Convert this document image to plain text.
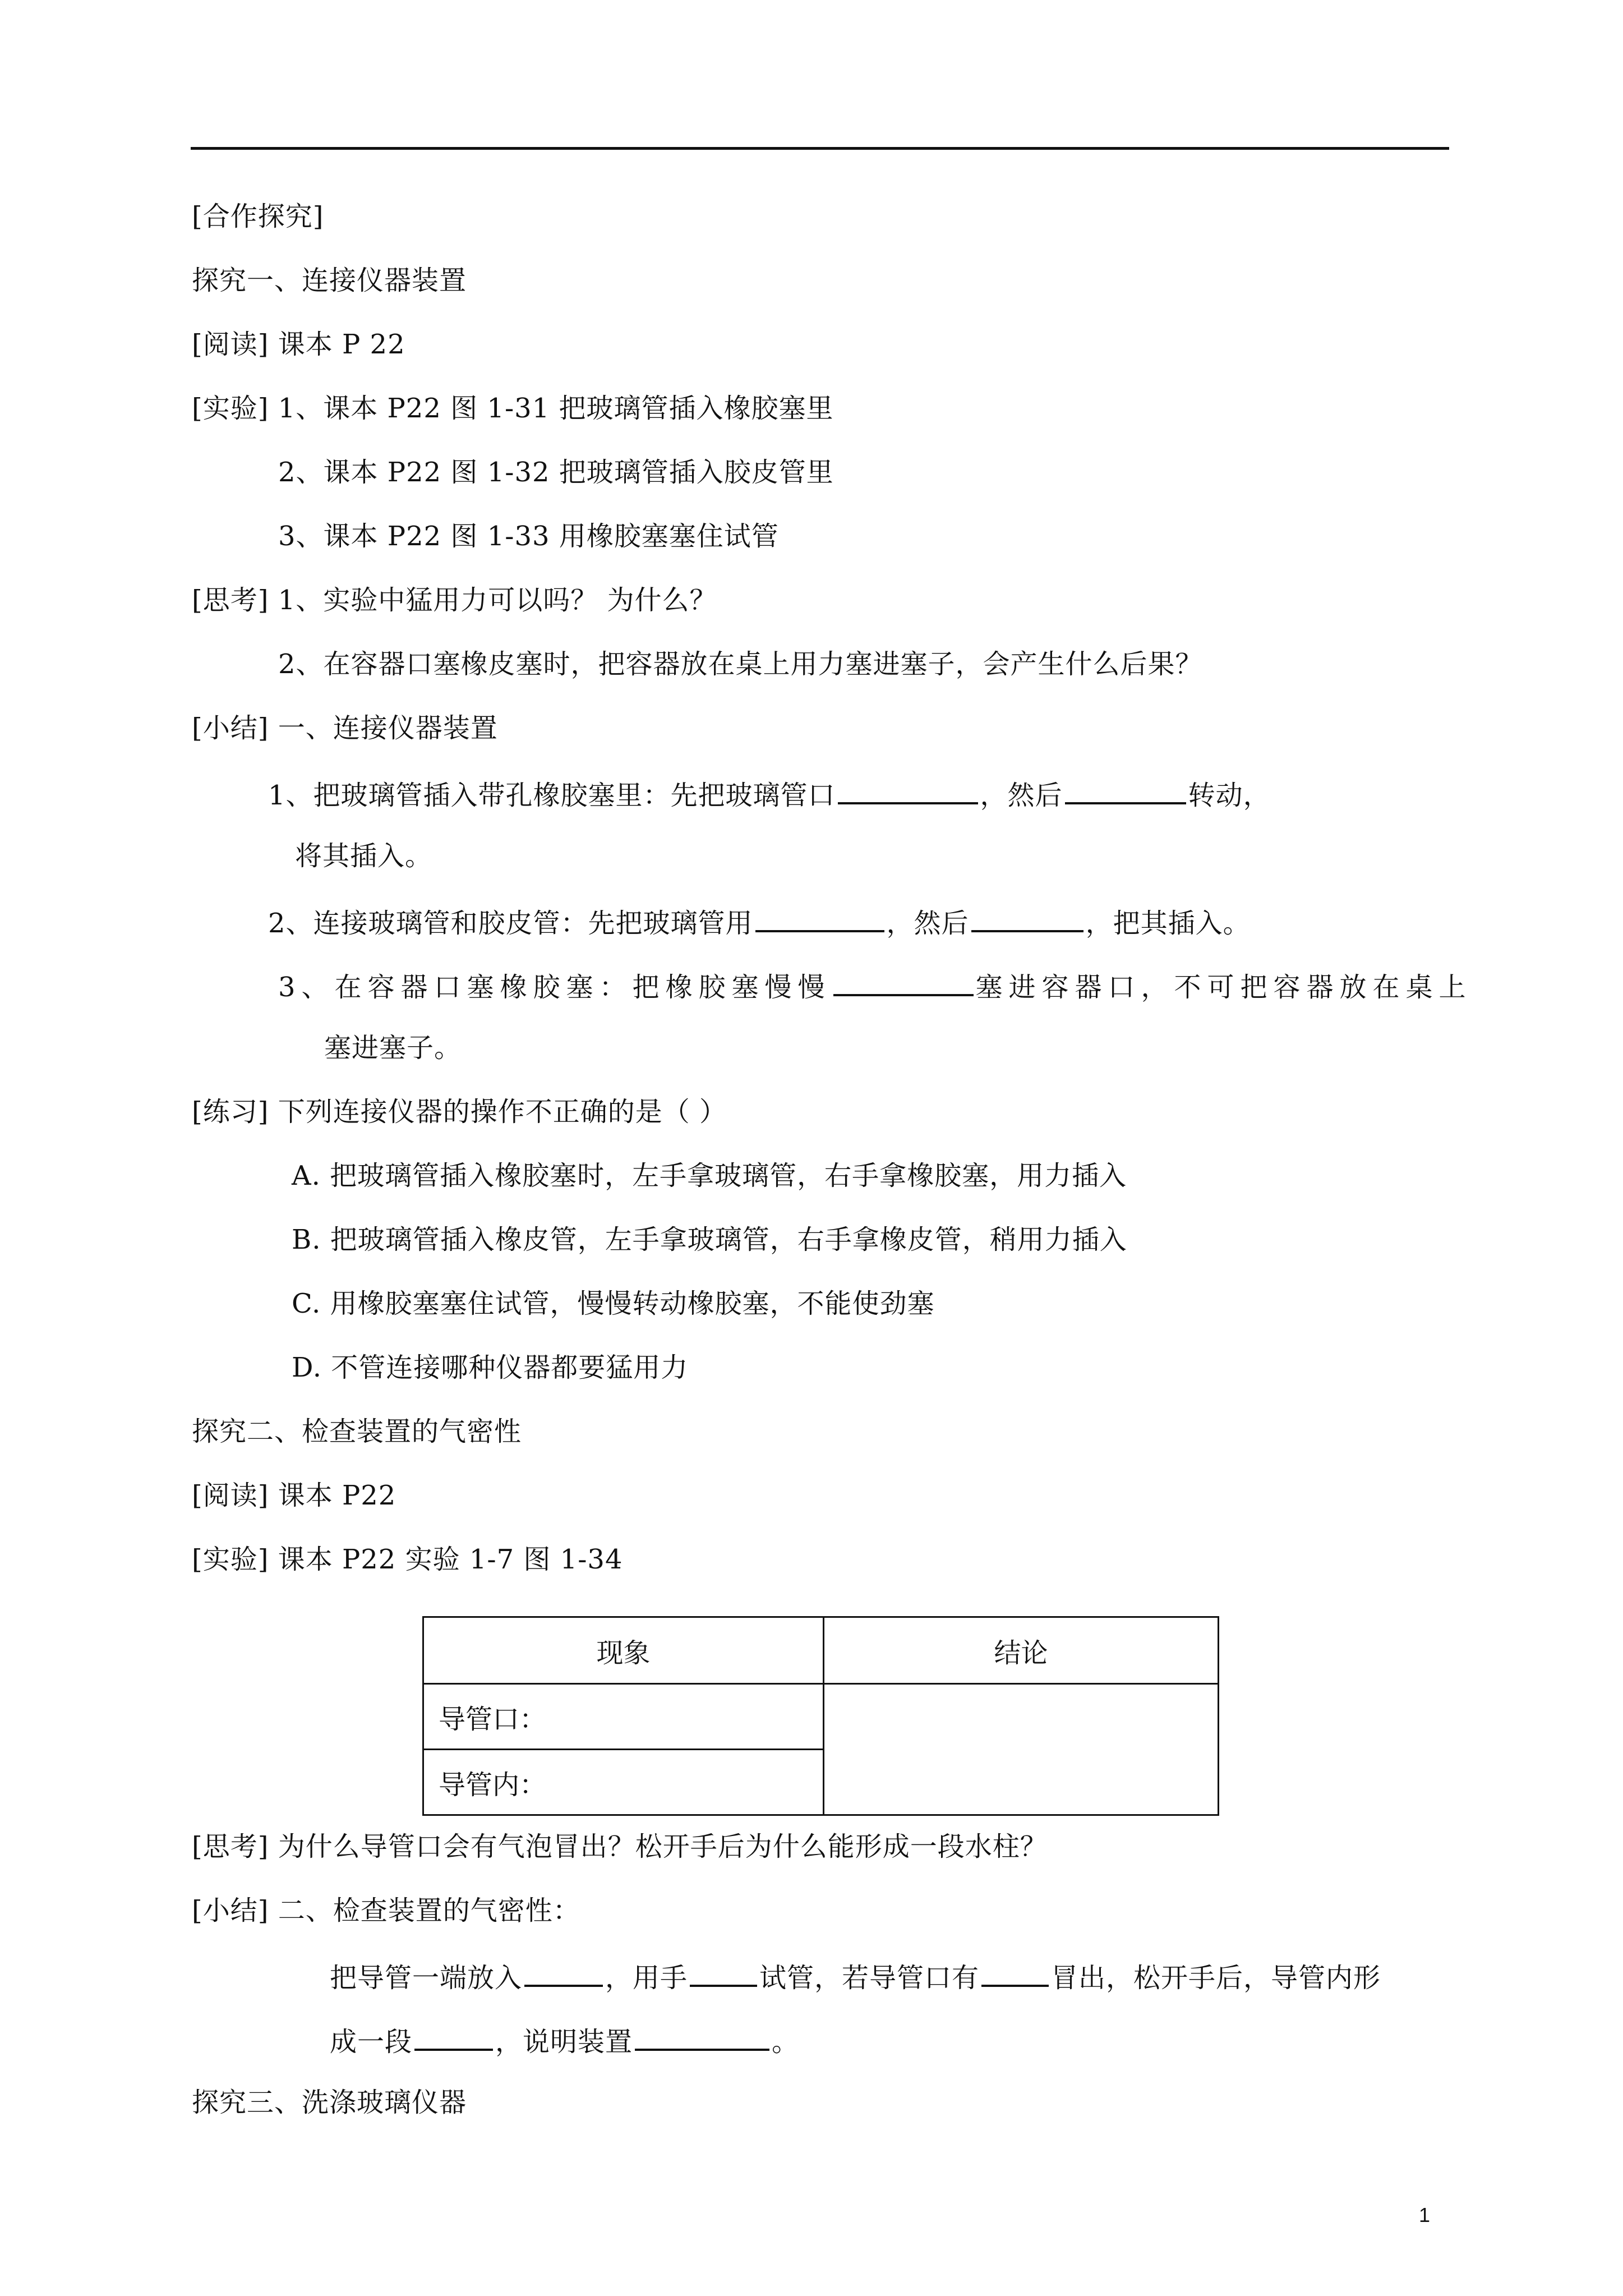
[合作探究]
探究一、连接仪器装置
[阅读] 课本 P 22
[实验] 1、课本 P22 图 1-31 把玻璃管插入橡胶塞里
2、课本 P22 图 1-32 把玻璃管插入胶皮管里
3、课本 P22 图 1-33 用橡胶塞塞住试管
[思考] 1、实验中猛用力可以吗？ 为什么？
2、在容器口塞橡皮塞时，把容器放在桌上用力塞进塞子，会产生什么后果？
[小结] 一、连接仪器装置
1、把玻璃管插入带孔橡胶塞里：先把玻璃管口	，然后	转动，
将其插入。
2、连接玻璃管和胶皮管：先把玻璃管用	，然后	，把其插入。
3、在容器口塞橡胶塞：把橡胶塞慢慢	塞进容器口，不可把容器放在桌上
塞进塞子。
[练习] 下列连接仪器的操作不正确的是（ ）
A. 把玻璃管插入橡胶塞时，左手拿玻璃管，右手拿橡胶塞，用力插入
B. 把玻璃管插入橡皮管，左手拿玻璃管，右手拿橡皮管，稍用力插入
C. 用橡胶塞塞住试管，慢慢转动橡胶塞，不能使劲塞
D. 不管连接哪种仪器都要猛用力
探究二、检查装置的气密性
[阅读] 课本 P22
[实验] 课本 P22 实验 1-7 图 1-34
现象	结论
导管口：	
导管内：	
[思考] 为什么导管口会有气泡冒出？松开手后为什么能形成一段水柱？
[小结] 二、检查装置的气密性：
把导管一端放入	，用手	试管，若导管口有	冒出，松开手后，导管内形
成一段	，说明装置	。
探究三、洗涤玻璃仪器
1
